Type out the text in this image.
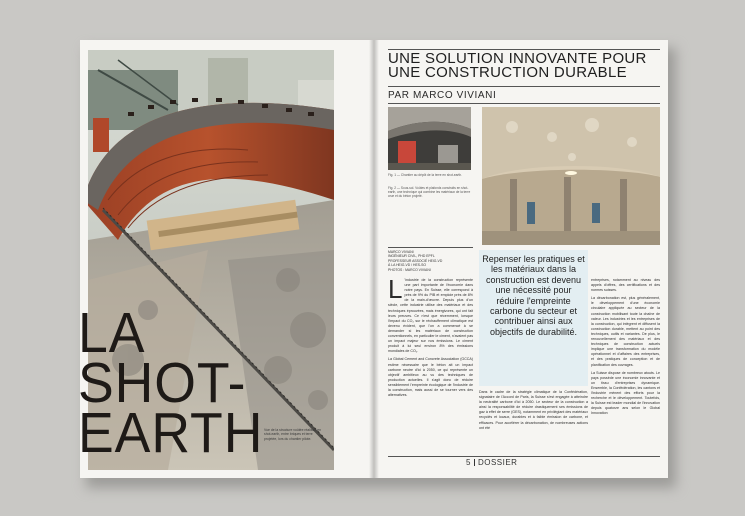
LA
SHOT-
EARTH Vue de la structure voûtée réalisée en shot-earth, entre briques et terre projetée, lors du chantier pilote.
UNE SOLUTION INNOVANTE POUR UNE CONSTRUCTION DURABLE
PAR MARCO VIVIANI
Fig. 1 — Chantier au dépôt de la terre en shot-earth.
Fig. 2 — Sous-sol. Voûtes et plafonds construits en shot-earth, une technique qui combine les matériaux de la terre crue et du béton projeté.
MARCO VIVIANI
INGÉNIEUR CIVIL, PHD EPFL
PROFESSEUR ASSOCIÉ HEIG-VD
À LA HEIG-VD / HES-SO
PHOTOS : MARCO VIVIANI

Repenser les pratiques et les matériaux dans la construction est devenu une nécessité pour réduire l'empreinte carbone du secteur et contribuer ainsi aux objectifs de durabilité.

L 'industrie de la construction représente une part importante de l'économie dans notre pays. En Suisse, elle correspond à près de 9% du PIB et emploie près de 8% de la main-d'œuvre. Depuis plus d'un siècle, cette industrie utilise des matériaux et des techniques éprouvées, mais énergivores, qui ont fait leurs preuves. Ce n'est que récemment, lorsque l'impact du CO₂ sur le réchauffement climatique est devenu évident, que l'on a commencé à se demander si les matériaux de construction conventionnels, en particulier le ciment, n'avaient pas un impact majeur sur nos émissions. Le ciment produit à lui seul environ 8% des émissions mondiales de CO₂.

La Global Cement and Concrete Association (GCCA) estime nécessaire que le béton ait un impact carbone neutre d'ici à 2050, ce qui représente un objectif ambitieux au vu des techniques de production actuelles. Il s'agit donc de réduire sensiblement l'empreinte écologique de l'industrie de la construction, mais aussi de se tourner vers des alternatives.

Dans le cadre de la stratégie climatique de la Confédération, signataire de l'Accord de Paris, la Suisse s'est engagée à atteindre la neutralité carbone d'ici à 2050. Le secteur de la construction a ainsi la responsabilité de réduire drastiquement ses émissions de gaz à effet de serre (GES), notamment en privilégiant des matériaux recyclés et locaux, durables et à faible émission de carbone, et efficaces. Pour accélérer la décarbonation, de nombreuses actions ont été

entreprises, notamment au niveau des appels d'offres, des certifications et des normes suisses.

La décarbonation est, plus généralement, le développement d'une économie circulaire appliquée au secteur de la construction mobilisant toute la chaîne de valeur. Les industries et les entreprises de la construction, qui intègrent et diffusent la construction durable, mettent au point des techniques, outils et variantes. De plus, le renouvellement des matériaux et des techniques de construction actuels implique une transformation du modèle opérationnel et d'affaires des entreprises, et des pratiques de conception et de planification des ouvrages.

La Suisse dispose de nombreux atouts. Le pays possède une économie innovante et un tissu d'entreprises dynamique. Ensemble, la Confédération, les cantons et l'industrie mènent des efforts pour la recherche et le développement. Toutefois, la Suisse est leader mondial de l'innovation depuis quatorze ans selon le Global Innovation

5 DOSSIER
